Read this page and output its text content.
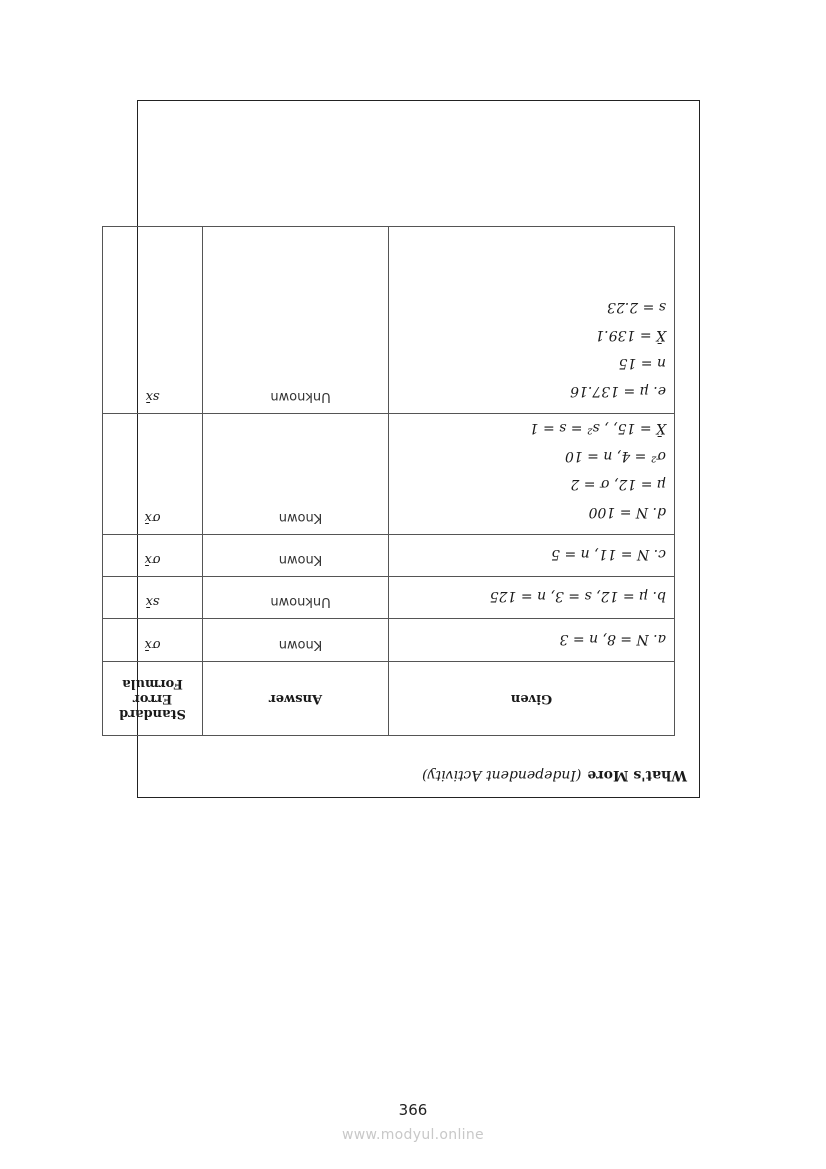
What's More(Independent Activity)
Given	Answer	Standard Error Formula

a. N = 8, n = 3	Known	σx̄

b. μ = 12, s = 3, n = 125	Unknown	sx̄

c. N = 11, n = 5	Known	σx̄

d. N = 100
μ = 12, σ = 2
σ² = 4, n = 10
X̄ = 15, , s² = s = 1	Known	σx̄

e. μ = 137.16
n = 15
X̄ = 139.1
s = 2.23	Unknown	sx̄
366
www.modyul.online
